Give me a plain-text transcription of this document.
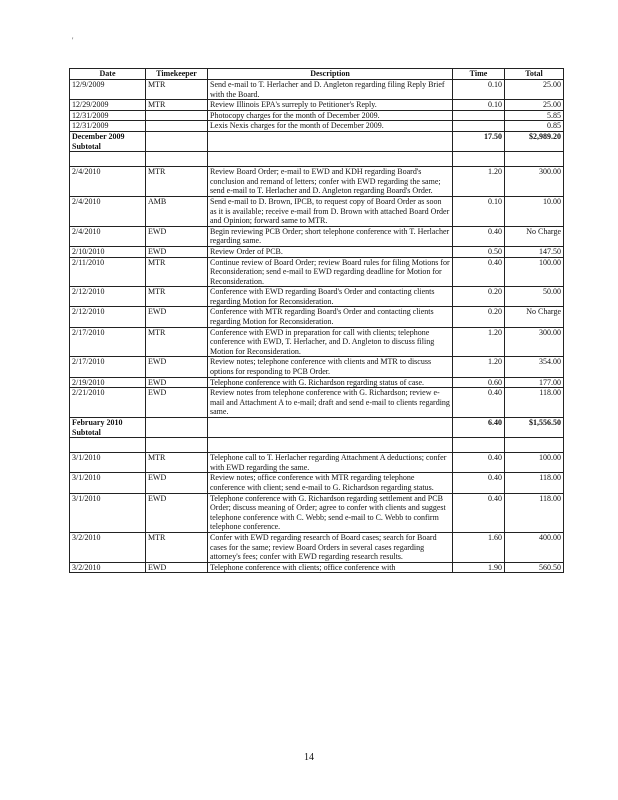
'
Date	Timekeeper	Description	Time	Total
12/9/2009	MTR	Send e-mail to T. Herlacher and D. Angleton regarding filing Reply Brief with the Board.	0.10	25.00
12/29/2009	MTR	Review Illinois EPA's surreply to Petitioner's Reply.	0.10	25.00
12/31/2009		Photocopy charges for the month of December 2009.		5.85
12/31/2009		Lexis Nexis charges for the month of December 2009.		0.85
December 2009 Subtotal			17.50	$2,989.20

2/4/2010	MTR	Review Board Order; e-mail to EWD and KDH regarding Board's conclusion and remand of letters; confer with EWD regarding the same; send e-mail to T. Herlacher and D. Angleton regarding Board's Order.	1.20	300.00
2/4/2010	AMB	Send e-mail to D. Brown, IPCB, to request copy of Board Order as soon as it is available; receive e-mail from D. Brown with attached Board Order and Opinion; forward same to MTR.	0.10	10.00
2/4/2010	EWD	Begin reviewing PCB Order; short telephone conference with T. Herlacher regarding same.	0.40	No Charge
2/10/2010	EWD	Review Order of PCB.	0.50	147.50
2/11/2010	MTR	Continue review of Board Order; review Board rules for filing Motions for Reconsideration; send e-mail to EWD regarding deadline for Motion for Reconsideration.	0.40	100.00
2/12/2010	MTR	Conference with EWD regarding Board's Order and contacting clients regarding Motion for Reconsideration.	0.20	50.00
2/12/2010	EWD	Conference with MTR regarding Board's Order and contacting clients regarding Motion for Reconsideration.	0.20	No Charge
2/17/2010	MTR	Conference with EWD in preparation for call with clients; telephone conference with EWD, T. Herlacher, and D. Angleton to discuss filing Motion for Reconsideration.	1.20	300.00
2/17/2010	EWD	Review notes; telephone conference with clients and MTR to discuss options for responding to PCB Order.	1.20	354.00
2/19/2010	EWD	Telephone conference with G. Richardson regarding status of case.	0.60	177.00
2/21/2010	EWD	Review notes from telephone conference with G. Richardson; review e-mail and Attachment A to e-mail; draft and send e-mail to clients regarding same.	0.40	118.00
February 2010 Subtotal			6.40	$1,556.50

3/1/2010	MTR	Telephone call to T. Herlacher regarding Attachment A deductions; confer with EWD regarding the same.	0.40	100.00
3/1/2010	EWD	Review notes; office conference with MTR regarding telephone conference with client; send e-mail to G. Richardson regarding status.	0.40	118.00
3/1/2010	EWD	Telephone conference with G. Richardson regarding settlement and PCB Order; discuss meaning of Order; agree to confer with clients and suggest telephone conference with C. Webb; send e-mail to C. Webb to confirm telephone conference.	0.40	118.00
3/2/2010	MTR	Confer with EWD regarding research of Board cases; search for Board cases for the same; review Board Orders in several cases regarding attorney's fees; confer with EWD regarding research results.	1.60	400.00
3/2/2010	EWD	Telephone conference with clients; office conference with	1.90	560.50
14
